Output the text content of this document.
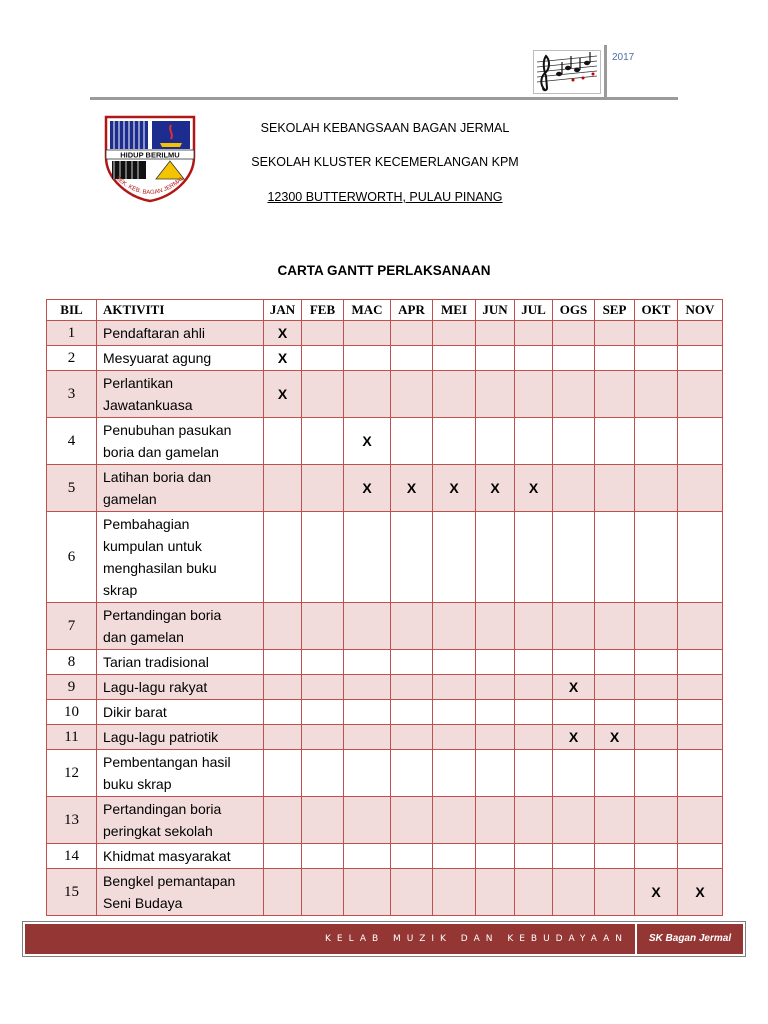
2017
HIDUP BERILMU
SEK. KEB. BAGAN JERMAL
SEKOLAH KEBANGSAAN BAGAN JERMAL
SEKOLAH KLUSTER KECEMERLANGAN KPM
12300 BUTTERWORTH, PULAU PINANG
CARTA GANTT PERLAKSANAAN
BIL	AKTIVITI	JAN	FEB	MAC	APR	MEI	JUN	JUL	OGS	SEP	OKT	NOV
1	Pendaftaran ahli	X										
2	Mesyuarat agung	X										
3	Perlantikan
Jawatankuasa	X										
4	Penubuhan pasukan
boria dan gamelan			X								
5	Latihan boria dan
gamelan			X	X	X	X	X				
6	Pembahagian
kumpulan untuk
menghasilan buku
skrap											

7	Pertandingan boria
dan gamelan											

8	Tarian tradisional											

9	Lagu-lagu rakyat								X			
10	Dikir barat											

11	Lagu-lagu patriotik								X	X		
12	Pembentangan hasil
buku skrap											

13	Pertandingan boria
peringkat sekolah											

14	Khidmat masyarakat											

15	Bengkel pemantapan
Seni Budaya										X	X
KELAB MUZIK DAN KEBUDAYAAN	SK Bagan Jermal
